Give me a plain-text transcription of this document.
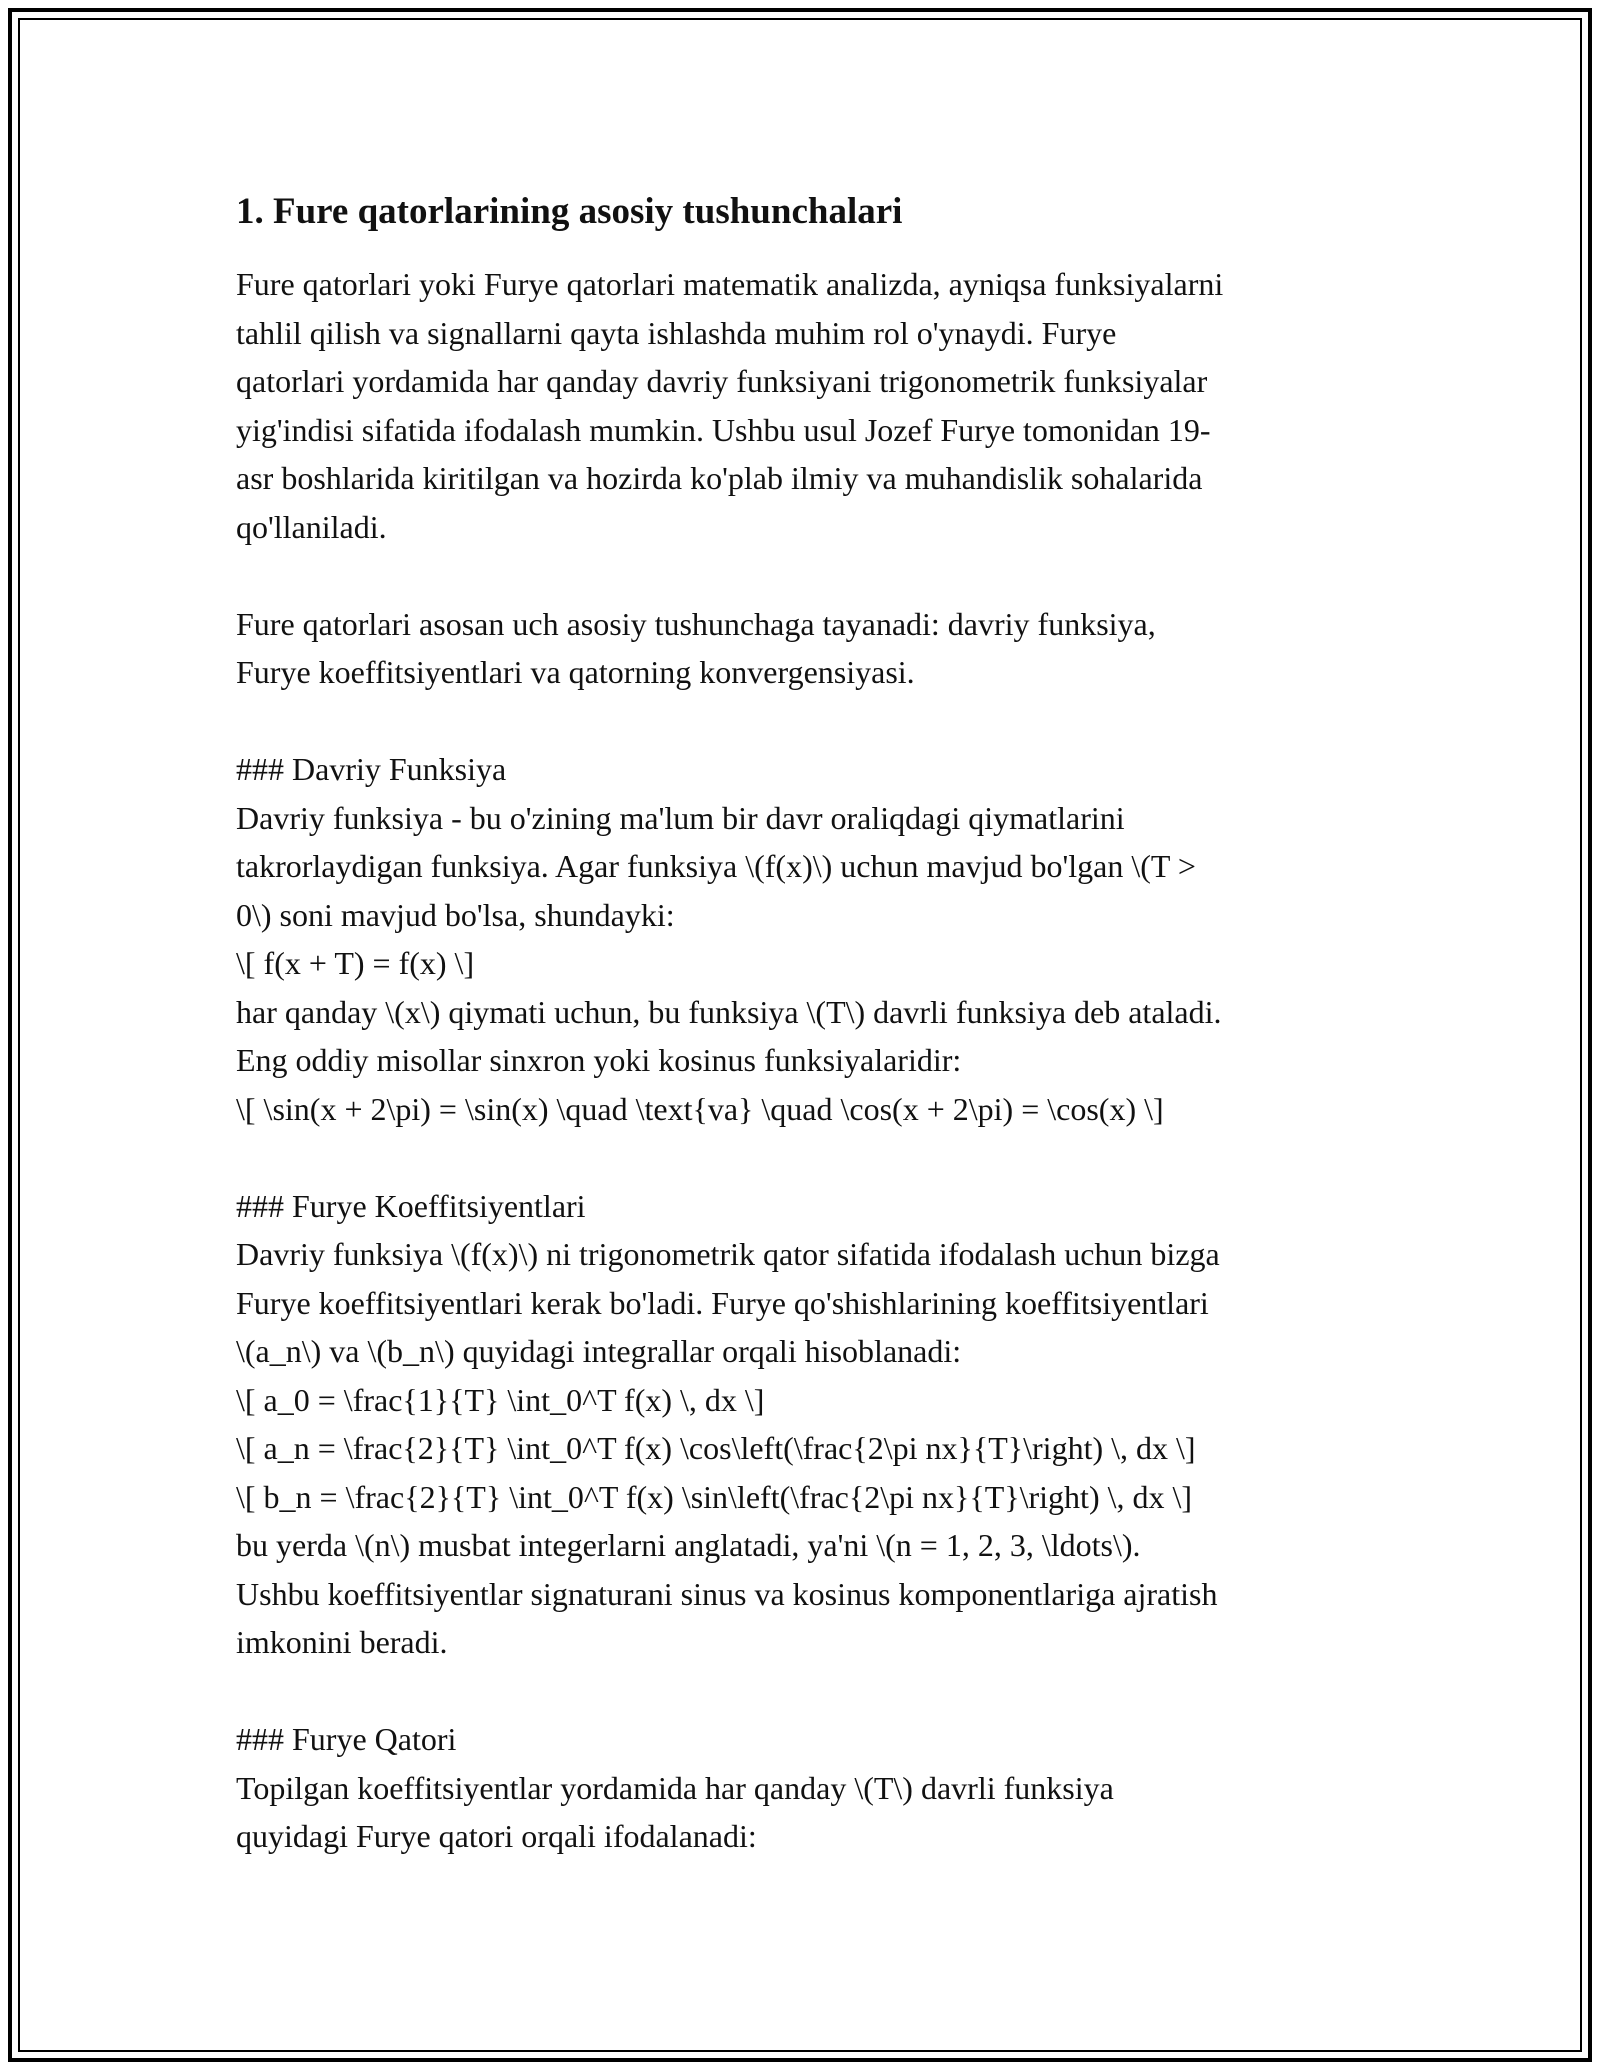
1. Fure qatorlarining asosiy tushunchalari
Fure qatorlari yoki Furye qatorlari matematik analizda, ayniqsa funksiyalarni
tahlil qilish va signallarni qayta ishlashda muhim rol o'ynaydi. Furye
qatorlari yordamida har qanday davriy funksiyani trigonometrik funksiyalar
yig'indisi sifatida ifodalash mumkin. Ushbu usul Jozef Furye tomonidan 19-
asr boshlarida kiritilgan va hozirda ko'plab ilmiy va muhandislik sohalarida
qo'llaniladi.
Fure qatorlari asosan uch asosiy tushunchaga tayanadi: davriy funksiya,
Furye koeffitsiyentlari va qatorning konvergensiyasi.
### Davriy Funksiya
Davriy funksiya - bu o'zining ma'lum bir davr oraliqdagi qiymatlarini
takrorlaydigan funksiya. Agar funksiya \(f(x)\) uchun mavjud bo'lgan \(T >
0\) soni mavjud bo'lsa, shundayki:
\[ f(x + T) = f(x) \]
har qanday \(x\) qiymati uchun, bu funksiya \(T\) davrli funksiya deb ataladi.
Eng oddiy misollar sinxron yoki kosinus funksiyalaridir:
\[ \sin(x + 2\pi) = \sin(x) \quad \text{va} \quad \cos(x + 2\pi) = \cos(x) \]
### Furye Koeffitsiyentlari
Davriy funksiya \(f(x)\) ni trigonometrik qator sifatida ifodalash uchun bizga
Furye koeffitsiyentlari kerak bo'ladi. Furye qo'shishlarining koeffitsiyentlari
\(a_n\) va \(b_n\) quyidagi integrallar orqali hisoblanadi:
\[ a_0 = \frac{1}{T} \int_0^T f(x) \, dx \]
\[ a_n = \frac{2}{T} \int_0^T f(x) \cos\left(\frac{2\pi nx}{T}\right) \, dx \]
\[ b_n = \frac{2}{T} \int_0^T f(x) \sin\left(\frac{2\pi nx}{T}\right) \, dx \]
bu yerda \(n\) musbat integerlarni anglatadi, ya'ni \(n = 1, 2, 3, \ldots\).
Ushbu koeffitsiyentlar signaturani sinus va kosinus komponentlariga ajratish
imkonini beradi.
### Furye Qatori
Topilgan koeffitsiyentlar yordamida har qanday \(T\) davrli funksiya
quyidagi Furye qatori orqali ifodalanadi:
